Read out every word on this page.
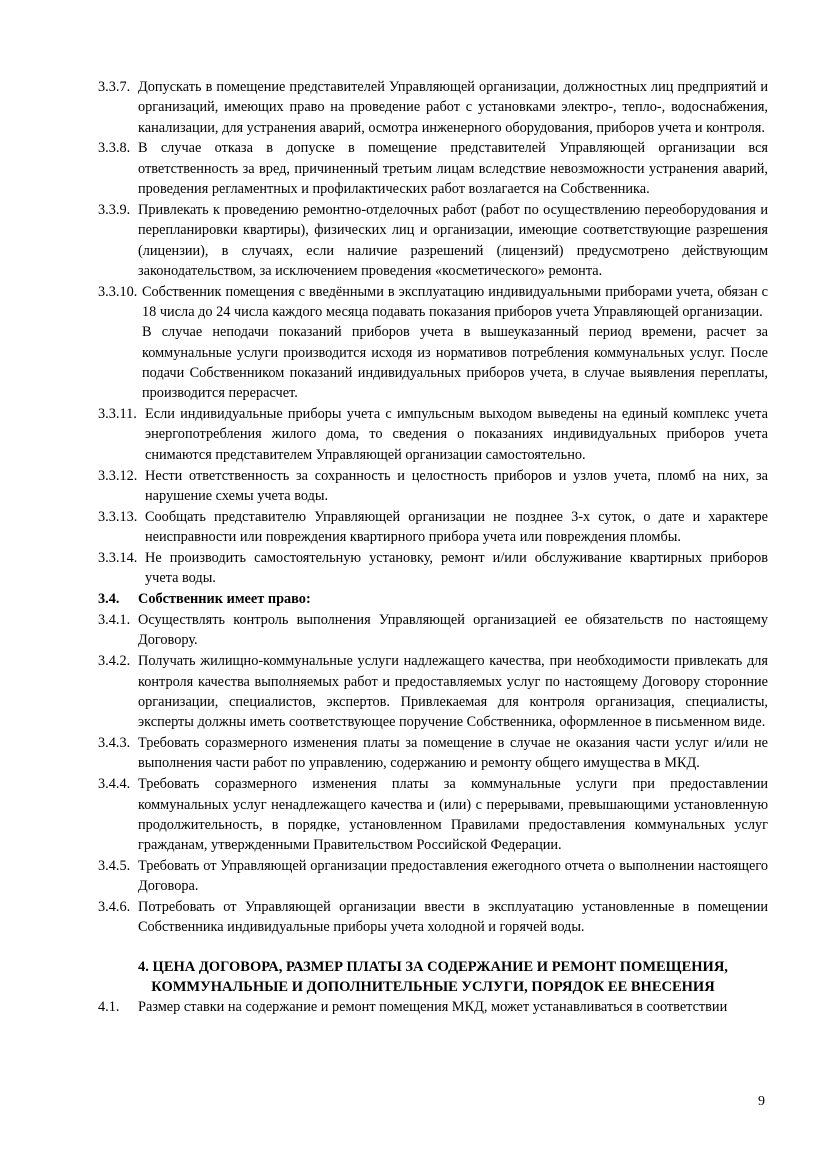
3.3.7. Допускать в помещение представителей Управляющей организации, должностных лиц предприятий и организаций, имеющих право на проведение работ с установками электро-, тепло-, водоснабжения, канализации, для устранения аварий, осмотра инженерного оборудования, приборов учета и контроля.
3.3.8. В случае отказа в допуске в помещение представителей Управляющей организации вся ответственность за вред, причиненный третьим лицам вследствие невозможности устранения аварий, проведения регламентных и профилактических работ возлагается на Собственника.
3.3.9. Привлекать к проведению ремонтно-отделочных работ (работ по осуществлению переоборудования и перепланировки квартиры), физических лиц и организации, имеющие соответствующие разрешения (лицензии), в случаях, если наличие разрешений (лицензий) предусмотрено действующим законодательством, за исключением проведения «косметического» ремонта.
3.3.10. Собственник помещения с введёнными в эксплуатацию индивидуальными приборами учета, обязан с 18 числа до 24 числа каждого месяца подавать показания приборов учета Управляющей организации.
В случае неподачи показаний приборов учета в вышеуказанный период времени, расчет за коммунальные услуги производится исходя из нормативов потребления коммунальных услуг. После подачи Собственником показаний индивидуальных приборов учета, в случае выявления переплаты, производится перерасчет.
3.3.11. Если индивидуальные приборы учета с импульсным выходом выведены на единый комплекс учета энергопотребления жилого дома, то сведения о показаниях индивидуальных приборов учета снимаются представителем Управляющей организации самостоятельно.
3.3.12. Нести ответственность за сохранность и целостность приборов и узлов учета, пломб на них, за нарушение схемы учета воды.
3.3.13. Сообщать представителю Управляющей организации не позднее 3-х суток, о дате и характере неисправности или повреждения квартирного прибора учета или повреждения пломбы.
3.3.14. Не производить самостоятельную установку, ремонт и/или обслуживание квартирных приборов учета воды.
3.4.	Собственник имеет право:
3.4.1. Осуществлять контроль выполнения Управляющей организацией ее обязательств по настоящему Договору.
3.4.2. Получать жилищно-коммунальные услуги надлежащего качества, при необходимости привлекать для контроля качества выполняемых работ и предоставляемых услуг по настоящему Договору сторонние организации, специалистов, экспертов. Привлекаемая для контроля организация, специалисты, эксперты должны иметь соответствующее поручение Собственника, оформленное в письменном виде.
3.4.3. Требовать соразмерного изменения платы за помещение в случае не оказания части услуг и/или не выполнения части работ по управлению, содержанию и ремонту общего имущества в МКД.
3.4.4. Требовать соразмерного изменения платы за коммунальные услуги при предоставлении коммунальных услуг ненадлежащего качества и (или) с перерывами, превышающими установленную продолжительность, в порядке, установленном Правилами предоставления коммунальных услуг гражданам, утвержденными Правительством Российской Федерации.
3.4.5. Требовать от Управляющей организации предоставления ежегодного отчета о выполнении настоящего Договора.
3.4.6. Потребовать от Управляющей организации ввести в эксплуатацию установленные в помещении Собственника индивидуальные приборы учета холодной и горячей воды.
4. ЦЕНА ДОГОВОРА, РАЗМЕР ПЛАТЫ ЗА СОДЕРЖАНИЕ И РЕМОНТ ПОМЕЩЕНИЯ,
КОММУНАЛЬНЫЕ И ДОПОЛНИТЕЛЬНЫЕ УСЛУГИ, ПОРЯДОК ЕЕ ВНЕСЕНИЯ
4.1.	Размер ставки на содержание и ремонт помещения МКД, может устанавливаться в соответствии
9
